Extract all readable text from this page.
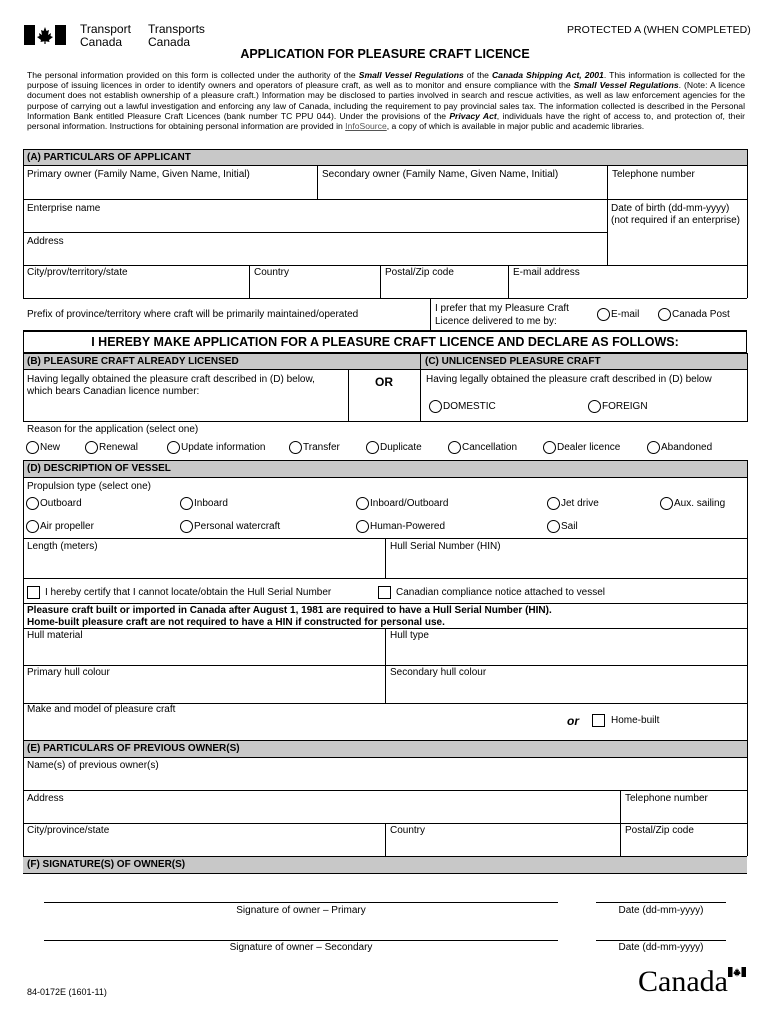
Transport
Canada
Transports
Canada
PROTECTED A (WHEN COMPLETED)
APPLICATION FOR PLEASURE CRAFT LICENCE
The personal information provided on this form is collected under the authority of the Small Vessel Regulations of the Canada Shipping Act, 2001. This information is collected for the purpose of issuing licences in order to identify owners and operators of pleasure craft, as well as to monitor and ensure compliance with the Small Vessel Regulations. (Note: A licence document does not establish ownership of a pleasure craft.) Information may be disclosed to parties involved in search and rescue activities, as well as law enforcement agencies for the purpose of carrying out a lawful investigation and enforcing any law of Canada, including the requirement to pay provincial sales tax. The information collected is described in the Personal Information Bank entitled Pleasure Craft Licences (bank number TC PPU 044). Under the provisions of the Privacy Act, individuals have the right of access to, and protection of, their personal information. Instructions for obtaining personal information are provided in InfoSource, a copy of which is available in major public and academic libraries.
(A) PARTICULARS OF APPLICANT
Primary owner (Family Name, Given Name, Initial)	Secondary owner (Family Name, Given Name, Initial)	Telephone number
Enterprise name	Date of birth (dd-mm-yyyy)
(not required if an enterprise)
Address
City/prov/territory/state	Country	Postal/Zip code	E-mail address
Prefix of province/territory where craft will be primarily maintained/operated
I prefer that my Pleasure Craft
Licence delivered to me by:
E-mail	Canada Post
I HEREBY MAKE APPLICATION FOR A PLEASURE CRAFT LICENCE AND DECLARE AS FOLLOWS:
(B) PLEASURE CRAFT ALREADY LICENSED	(C) UNLICENSED PLEASURE CRAFT
Having legally obtained the pleasure craft described in (D) below,
which bears Canadian licence number:
OR	Having legally obtained the pleasure craft described in (D) below
DOMESTIC	FOREIGN
Reason for the application (select one)
New	Renewal	Update information	Transfer	Duplicate	Cancellation	Dealer licence	Abandoned
(D) DESCRIPTION OF VESSEL
Propulsion type (select one)
Outboard	Inboard	Inboard/Outboard	Jet drive	Aux. sailing
Air propeller	Personal watercraft	Human-Powered	Sail
Length (meters)	Hull Serial Number (HIN)
I hereby certify that I cannot locate/obtain the Hull Serial Number	Canadian compliance notice attached to vessel
Pleasure craft built or imported in Canada after August 1, 1981 are required to have a Hull Serial Number (HIN).
Home-built pleasure craft are not required to have a HIN if constructed for personal use.
Hull material	Hull type
Primary hull colour	Secondary hull colour
Make and model of pleasure craft
or	Home-built
(E) PARTICULARS OF PREVIOUS OWNER(S)
Name(s) of previous owner(s)
Address	Telephone number
City/province/state	Country	Postal/Zip code
(F) SIGNATURE(S) OF OWNER(S)
Signature of owner – Primary	Date (dd-mm-yyyy)
Signature of owner – Secondary	Date (dd-mm-yyyy)
84-0172E (1601-11)	Canada
